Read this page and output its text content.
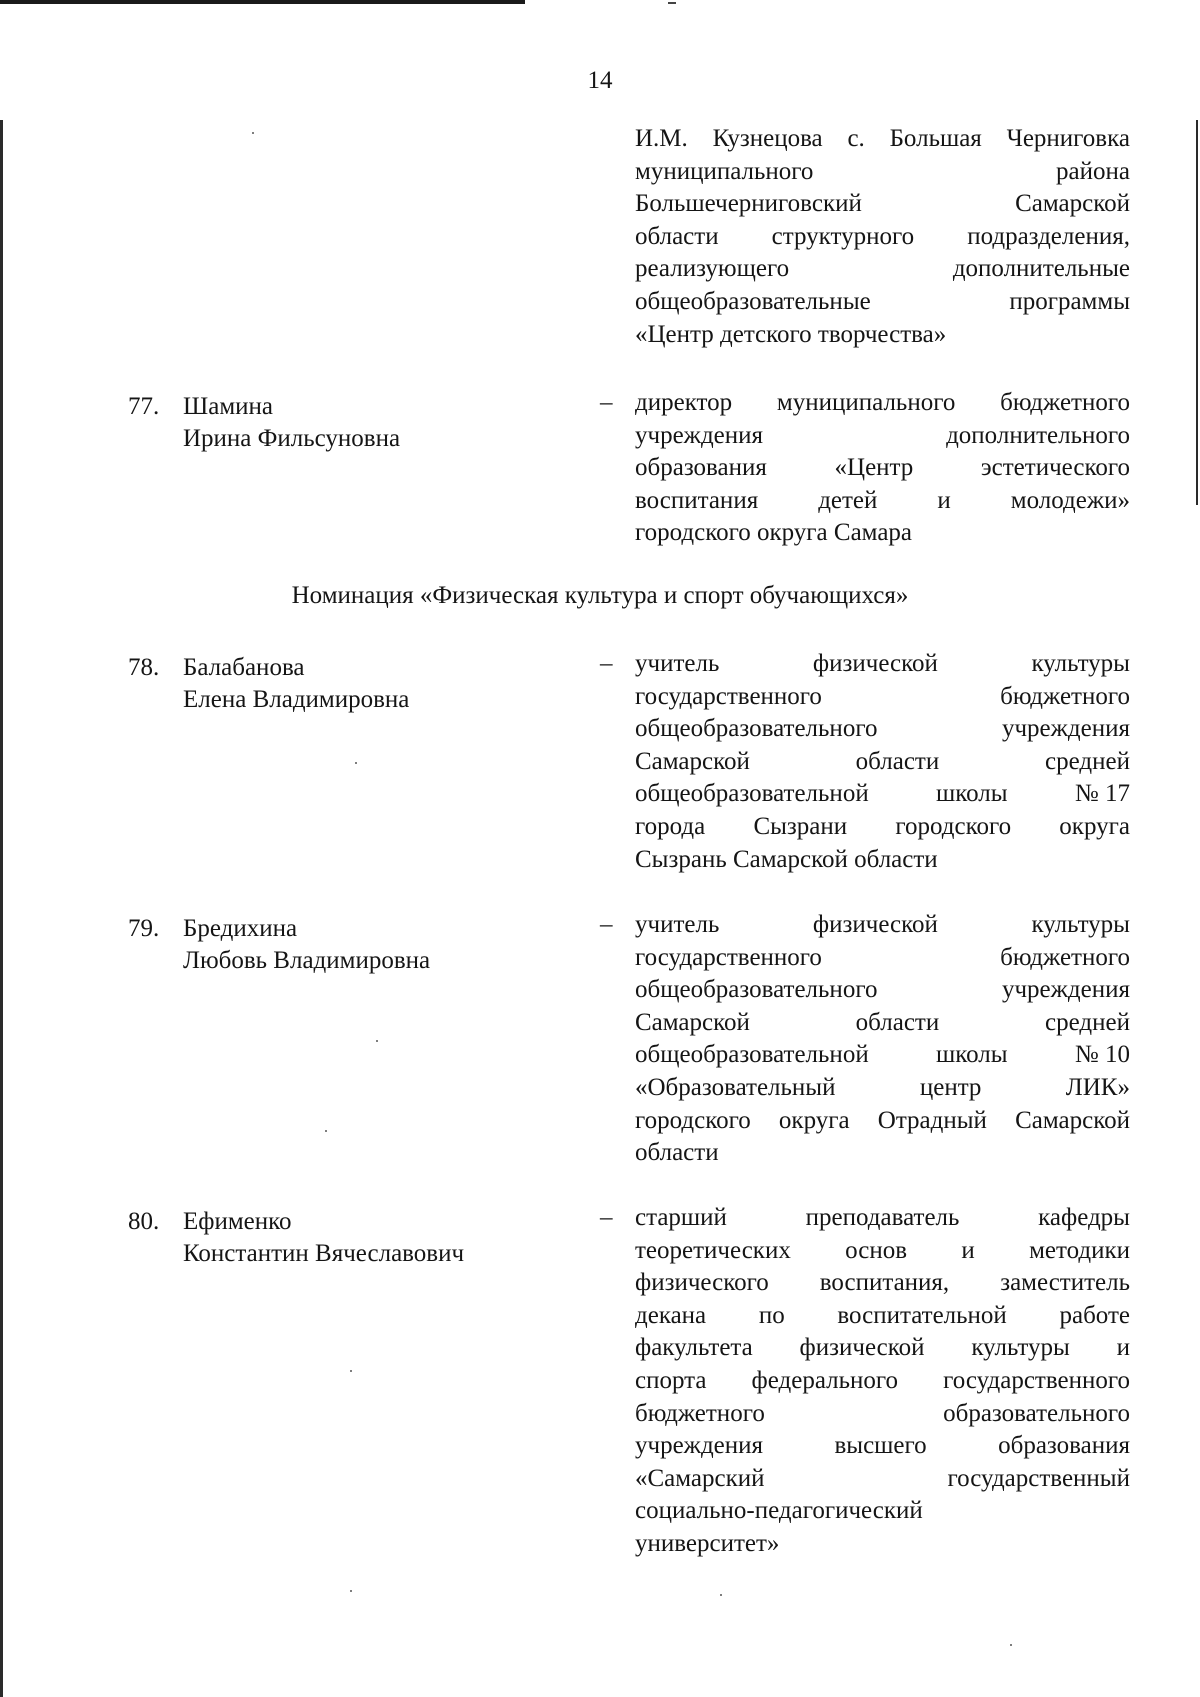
14
И.М. Кузнецова с. Большая Черниговка
муниципального	района
Большечерниговский	Самарской
области структурного подразделения,
реализующего	дополнительные
общеобразовательные	программы
«Центр детского творчества»
77. Шамина
Ирина Фильсуновна
– директор муниципального бюджетного
учреждения	дополнительного
образования	«Центр	эстетического
воспитания детей и молодежи»
городского округа Самара
Номинация «Физическая культура и спорт обучающихся»
78. Балабанова
Елена Владимировна
– учитель	физической	культуры
государственного	бюджетного
общеобразовательного	учреждения
Самарской	области	средней
общеобразовательной	школы	№ 17
города Сызрани городского округа
Сызрань Самарской области
79. Бредихина
Любовь Владимировна
– учитель	физической	культуры
государственного	бюджетного
общеобразовательного	учреждения
Самарской	области	средней
общеобразовательной	школы	№ 10
«Образовательный	центр	ЛИК»
городского округа Отрадный Самарской
области
80. Ефименко
Константин Вячеславович
– старший	преподаватель	кафедры
теоретических основ и методики
физического воспитания, заместитель
декана по воспитательной работе
факультета физической культуры и
спорта федерального государственного
бюджетного	образовательного
учреждения	высшего	образования
«Самарский	государственный
социально-педагогический
университет»
